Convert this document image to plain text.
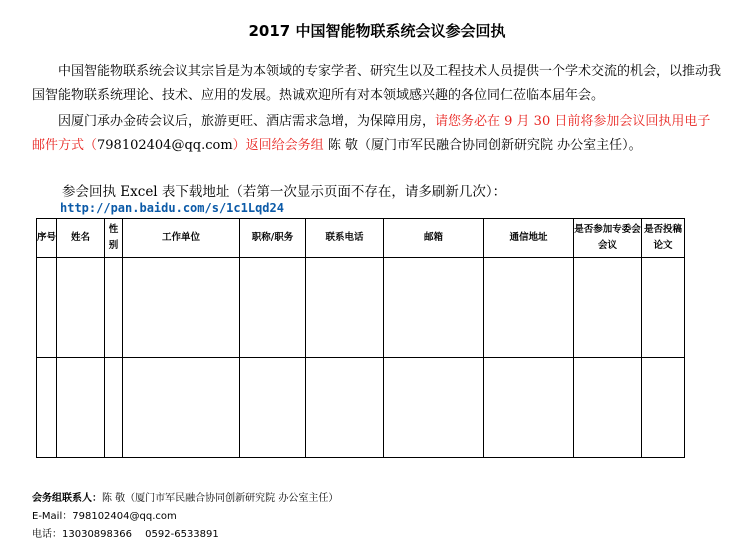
2017 中国智能物联系统会议参会回执

中国智能物联系统会议其宗旨是为本领域的专家学者、研究生以及工程技术人员提供一个学术交流的机会，以推动我国智能物联系统理论、技术、应用的发展。热诚欢迎所有对本领域感兴趣的各位同仁莅临本届年会。

因厦门承办金砖会议后，旅游更旺、酒店需求急增，为保障用房，请您务必在 9 月 30 日前将参加会议回执用电子邮件方式（798102404@qq.com）返回给会务组 陈 敬（厦门市军民融合协同创新研究院 办公室主任）。

参会回执 Excel 表下载地址（若第一次显示页面不存在，请多刷新几次）：
http://pan.baidu.com/s/1c1Lqd24
序号	姓名	性别	工作单位	职称/职务	联系电话	邮箱	通信地址	是否参加专委会会议	是否投稿论文

会务组联系人：陈 敬（厦门市军民融合协同创新研究院 办公室主任）
E-Mail：798102404@qq.com
电话：13030898366　 0592-6533891
